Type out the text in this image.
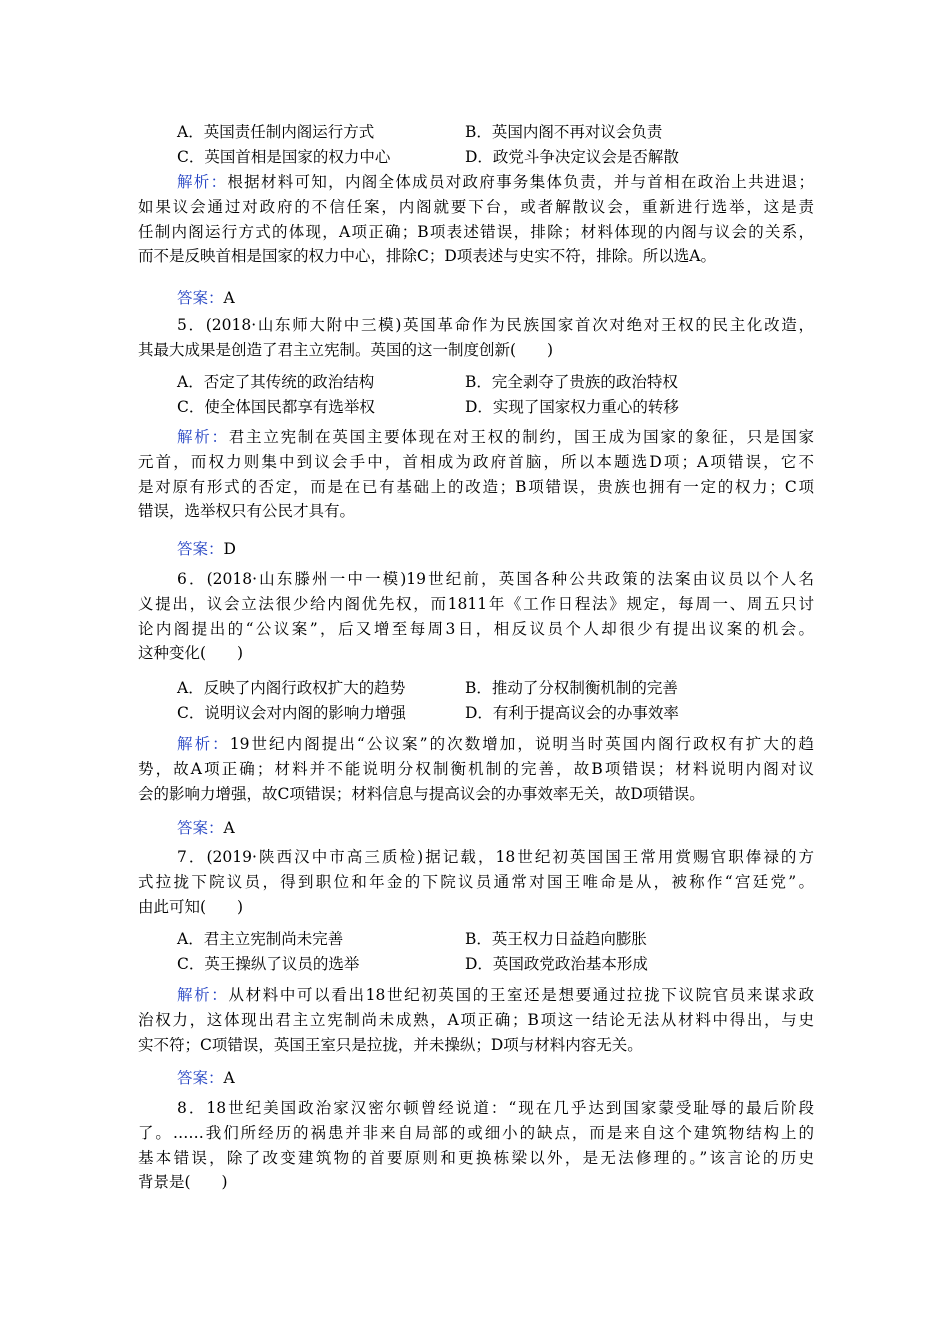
A．英国责任制内阁运行方式	B．英国内阁不再对议会负责
C．英国首相是国家的权力中心	D．政党斗争决定议会是否解散
解析：根据材料可知，内阁全体成员对政府事务集体负责，并与首相在政治上共进退；
如果议会通过对政府的不信任案，内阁就要下台，或者解散议会，重新进行选举，这是责
任制内阁运行方式的体现，A项正确；B项表述错误，排除；材料体现的内阁与议会的关系，
而不是反映首相是国家的权力中心，排除C；D项表述与史实不符，排除。所以选A。
答案：A
5．(2018·山东师大附中三模)英国革命作为民族国家首次对绝对王权的民主化改造，
其最大成果是创造了君主立宪制。英国的这一制度创新(　　)
A．否定了其传统的政治结构	B．完全剥夺了贵族的政治特权
C．使全体国民都享有选举权	D．实现了国家权力重心的转移
解析：君主立宪制在英国主要体现在对王权的制约，国王成为国家的象征，只是国家
元首，而权力则集中到议会手中，首相成为政府首脑，所以本题选D项；A项错误，它不
是对原有形式的否定，而是在已有基础上的改造；B项错误，贵族也拥有一定的权力；C项
错误，选举权只有公民才具有。
答案：D
6．(2018·山东滕州一中一模)19世纪前，英国各种公共政策的法案由议员以个人名
义提出，议会立法很少给内阁优先权，而1811年《工作日程法》规定，每周一、周五只讨
论内阁提出的“公议案”，后又增至每周3日，相反议员个人却很少有提出议案的机会。
这种变化(　　)
A．反映了内阁行政权扩大的趋势	B．推动了分权制衡机制的完善
C．说明议会对内阁的影响力增强	D．有利于提高议会的办事效率
解析：19世纪内阁提出“公议案”的次数增加，说明当时英国内阁行政权有扩大的趋
势，故A项正确；材料并不能说明分权制衡机制的完善，故B项错误；材料说明内阁对议
会的影响力增强，故C项错误；材料信息与提高议会的办事效率无关，故D项错误。
答案：A
7．(2019·陕西汉中市高三质检)据记载，18世纪初英国国王常用赏赐官职俸禄的方
式拉拢下院议员，得到职位和年金的下院议员通常对国王唯命是从，被称作“宫廷党”。
由此可知(　　)
A．君主立宪制尚未完善	B．英王权力日益趋向膨胀
C．英王操纵了议员的选举	D．英国政党政治基本形成
解析：从材料中可以看出18世纪初英国的王室还是想要通过拉拢下议院官员来谋求政
治权力，这体现出君主立宪制尚未成熟，A项正确；B项这一结论无法从材料中得出，与史
实不符；C项错误，英国王室只是拉拢，并未操纵；D项与材料内容无关。
答案：A
8．18世纪美国政治家汉密尔顿曾经说道：“现在几乎达到国家蒙受耻辱的最后阶段
了。……我们所经历的祸患并非来自局部的或细小的缺点，而是来自这个建筑物结构上的
基本错误，除了改变建筑物的首要原则和更换栋梁以外，是无法修理的。”该言论的历史
背景是(　　)
